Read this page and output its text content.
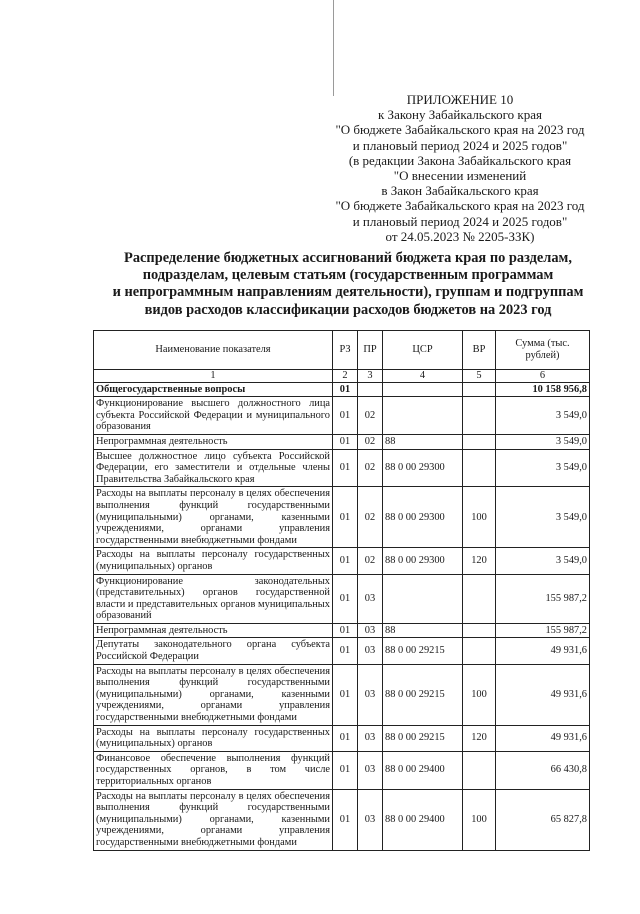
ПРИЛОЖЕНИЕ 10
к Закону Забайкальского края
"О бюджете Забайкальского края на 2023 год
и плановый период 2024 и 2025 годов"
(в редакции Закона Забайкальского края
"О внесении изменений
в Закон Забайкальского края
"О бюджете Забайкальского края на 2023 год
и плановый период 2024 и 2025 годов"
от 24.05.2023 № 2205-ЗЗК)
Распределение бюджетных ассигнований бюджета края по разделам,
подразделам, целевым статьям (государственным программам
и непрограммным направлениям деятельности), группам и подгруппам
видов расходов классификации расходов бюджетов на 2023 год
Наименование показателя	РЗ	ПР	ЦСР	ВР	Сумма (тыс. рублей)
1	2	3	4	5	6
Общегосударственные вопросы	01				10 158 956,8
Функционирование высшего должностного лица субъекта Российской Федерации и муниципального образования	01	02			3 549,0
Непрограммная деятельность	01	02	88		3 549,0
Высшее должностное лицо субъекта Российской Федерации, его заместители и отдельные члены Правительства Забайкальского края	01	02	88 0 00 29300		3 549,0
Расходы на выплаты персоналу в целях обеспечения выполнения функций государственными (муниципальными) органами, казенными учреждениями, органами управления государственными внебюджетными фондами	01	02	88 0 00 29300	100	3 549,0
Расходы на выплаты персоналу государственных (муниципальных) органов	01	02	88 0 00 29300	120	3 549,0
Функционирование законодательных (представительных) органов государственной власти и представительных органов муниципальных образований	01	03			155 987,2
Непрограммная деятельность	01	03	88		155 987,2
Депутаты законодательного органа субъекта Российской Федерации	01	03	88 0 00 29215		49 931,6
Расходы на выплаты персоналу в целях обеспечения выполнения функций государственными (муниципальными) органами, казенными учреждениями, органами управления государственными внебюджетными фондами	01	03	88 0 00 29215	100	49 931,6
Расходы на выплаты персоналу государственных (муниципальных) органов	01	03	88 0 00 29215	120	49 931,6
Финансовое обеспечение выполнения функций государственных органов, в том числе территориальных органов	01	03	88 0 00 29400		66 430,8
Расходы на выплаты персоналу в целях обеспечения выполнения функций государственными (муниципальными) органами, казенными учреждениями, органами управления государственными внебюджетными фондами	01	03	88 0 00 29400	100	65 827,8
